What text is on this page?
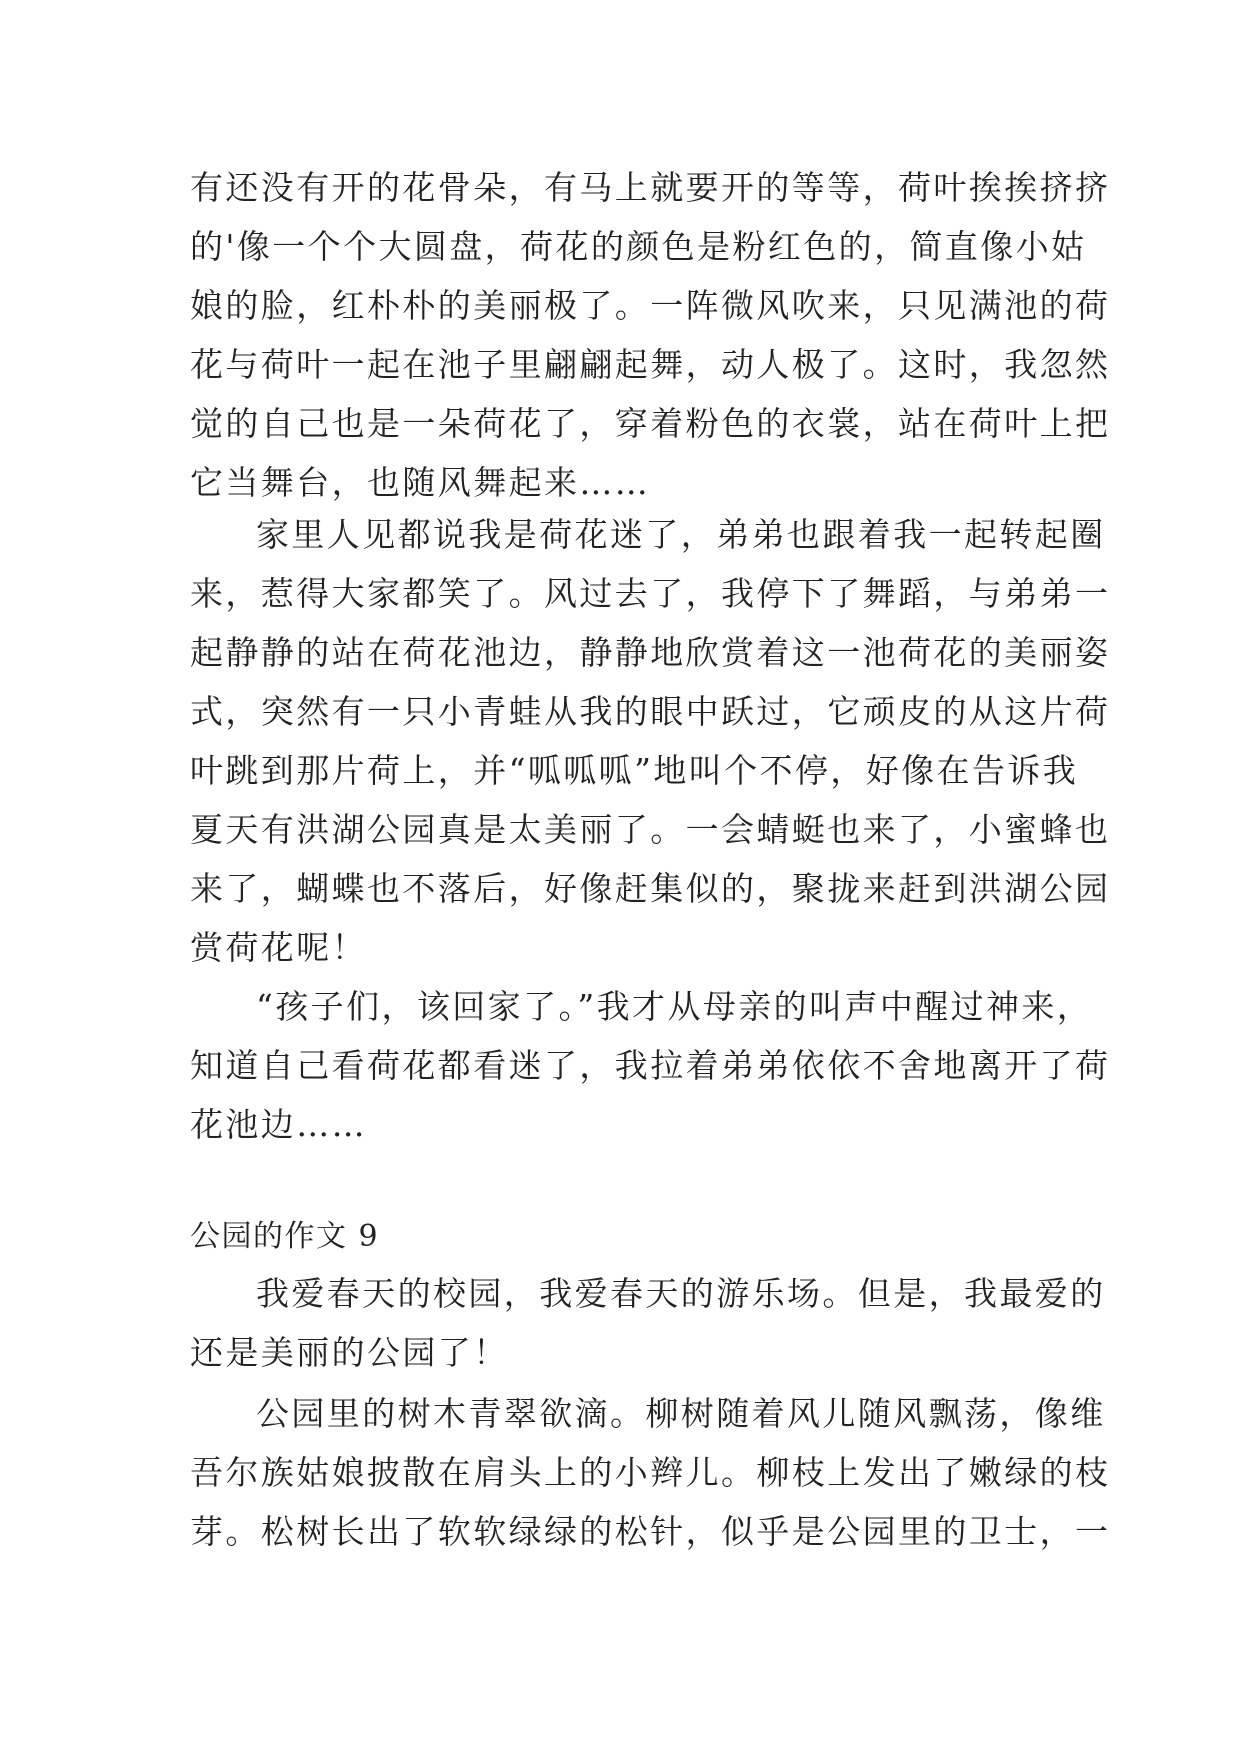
有还没有开的花骨朵，有马上就要开的等等，荷叶挨挨挤挤
的'像一个个大圆盘，荷花的颜色是粉红色的，简直像小姑
娘的脸，红朴朴的美丽极了。一阵微风吹来，只见满池的荷
花与荷叶一起在池子里翩翩起舞，动人极了。这时，我忽然
觉的自己也是一朵荷花了，穿着粉色的衣裳，站在荷叶上把
它当舞台，也随风舞起来……
家里人见都说我是荷花迷了，弟弟也跟着我一起转起圈
来，惹得大家都笑了。风过去了，我停下了舞蹈，与弟弟一
起静静的站在荷花池边，静静地欣赏着这一池荷花的美丽姿
式，突然有一只小青蛙从我的眼中跃过，它顽皮的从这片荷
叶跳到那片荷上，并“呱呱呱”地叫个不停，好像在告诉我
夏天有洪湖公园真是太美丽了。一会蜻蜓也来了，小蜜蜂也
来了，蝴蝶也不落后，好像赶集似的，聚拢来赶到洪湖公园
赏荷花呢！
“孩子们，该回家了。”我才从母亲的叫声中醒过神来，
知道自己看荷花都看迷了，我拉着弟弟依依不舍地离开了荷
花池边……
公园的作文 9
我爱春天的校园，我爱春天的游乐场。但是，我最爱的
还是美丽的公园了！
公园里的树木青翠欲滴。柳树随着风儿随风飘荡，像维
吾尔族姑娘披散在肩头上的小辫儿。柳枝上发出了嫩绿的枝
芽。松树长出了软软绿绿的松针，似乎是公园里的卫士，一
